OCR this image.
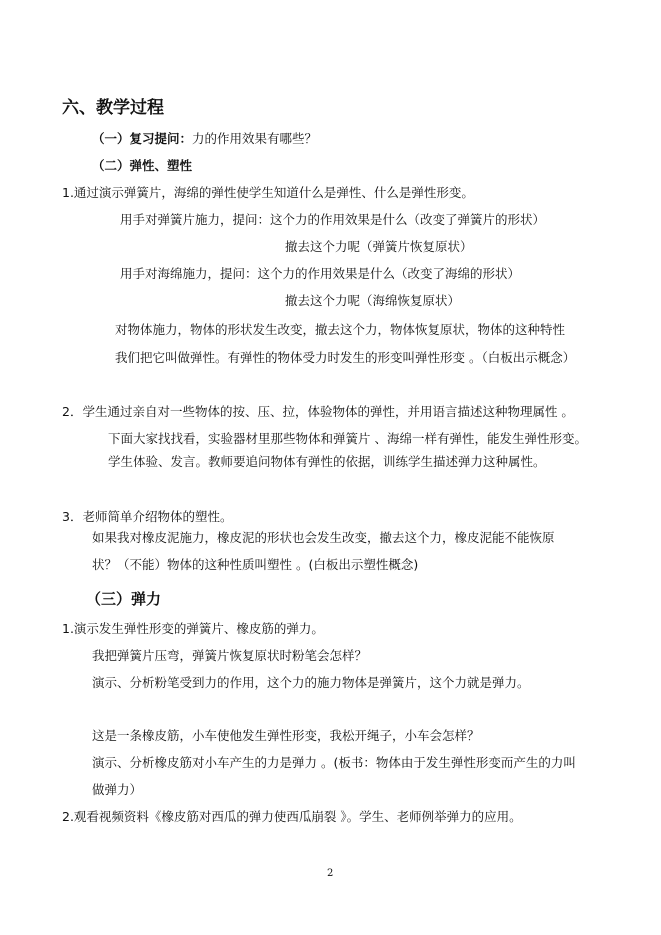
六、教学过程
（一）复习提问：力的作用效果有哪些？
（二）弹性、塑性
1.通过演示弹簧片，海绵的弹性使学生知道什么是弹性、什么是弹性形变。
用手对弹簧片施力，提问：这个力的作用效果是什么（改变了弹簧片的形状）
撤去这个力呢（弹簧片恢复原状）
用手对海绵施力，提问：这个力的作用效果是什么（改变了海绵的形状）
撤去这个力呢（海绵恢复原状）
对物体施力，物体的形状发生改变，撤去这个力，物体恢复原状，物体的这种特性
我们把它叫做弹性。有弹性的物体受力时发生的形变叫弹性形变 。（白板出示概念）
2．学生通过亲自对一些物体的按、压、拉，体验物体的弹性，并用语言描述这种物理属性 。
下面大家找找看，实验器材里那些物体和弹簧片 、海绵一样有弹性，能发生弹性形变。
学生体验、发言。教师要追问物体有弹性的依据，训练学生描述弹力这种属性。
3．老师简单介绍物体的塑性。
如果我对橡皮泥施力，橡皮泥的形状也会发生改变，撤去这个力，橡皮泥能不能恢原
状？（不能）物体的这种性质叫塑性 。(白板出示塑性概念)
（三）弹力
1.演示发生弹性形变的弹簧片、橡皮筋的弹力。
我把弹簧片压弯，弹簧片恢复原状时粉笔会怎样？
演示、分析粉笔受到力的作用，这个力的施力物体是弹簧片，这个力就是弹力。
这是一条橡皮筋，小车使他发生弹性形变，我松开绳子，小车会怎样？
演示、分析橡皮筋对小车产生的力是弹力 。(板书：物体由于发生弹性形变而产生的力叫
做弹力）
2.观看视频资料《橡皮筋对西瓜的弹力使西瓜崩裂 》。学生、老师例举弹力的应用。
2
